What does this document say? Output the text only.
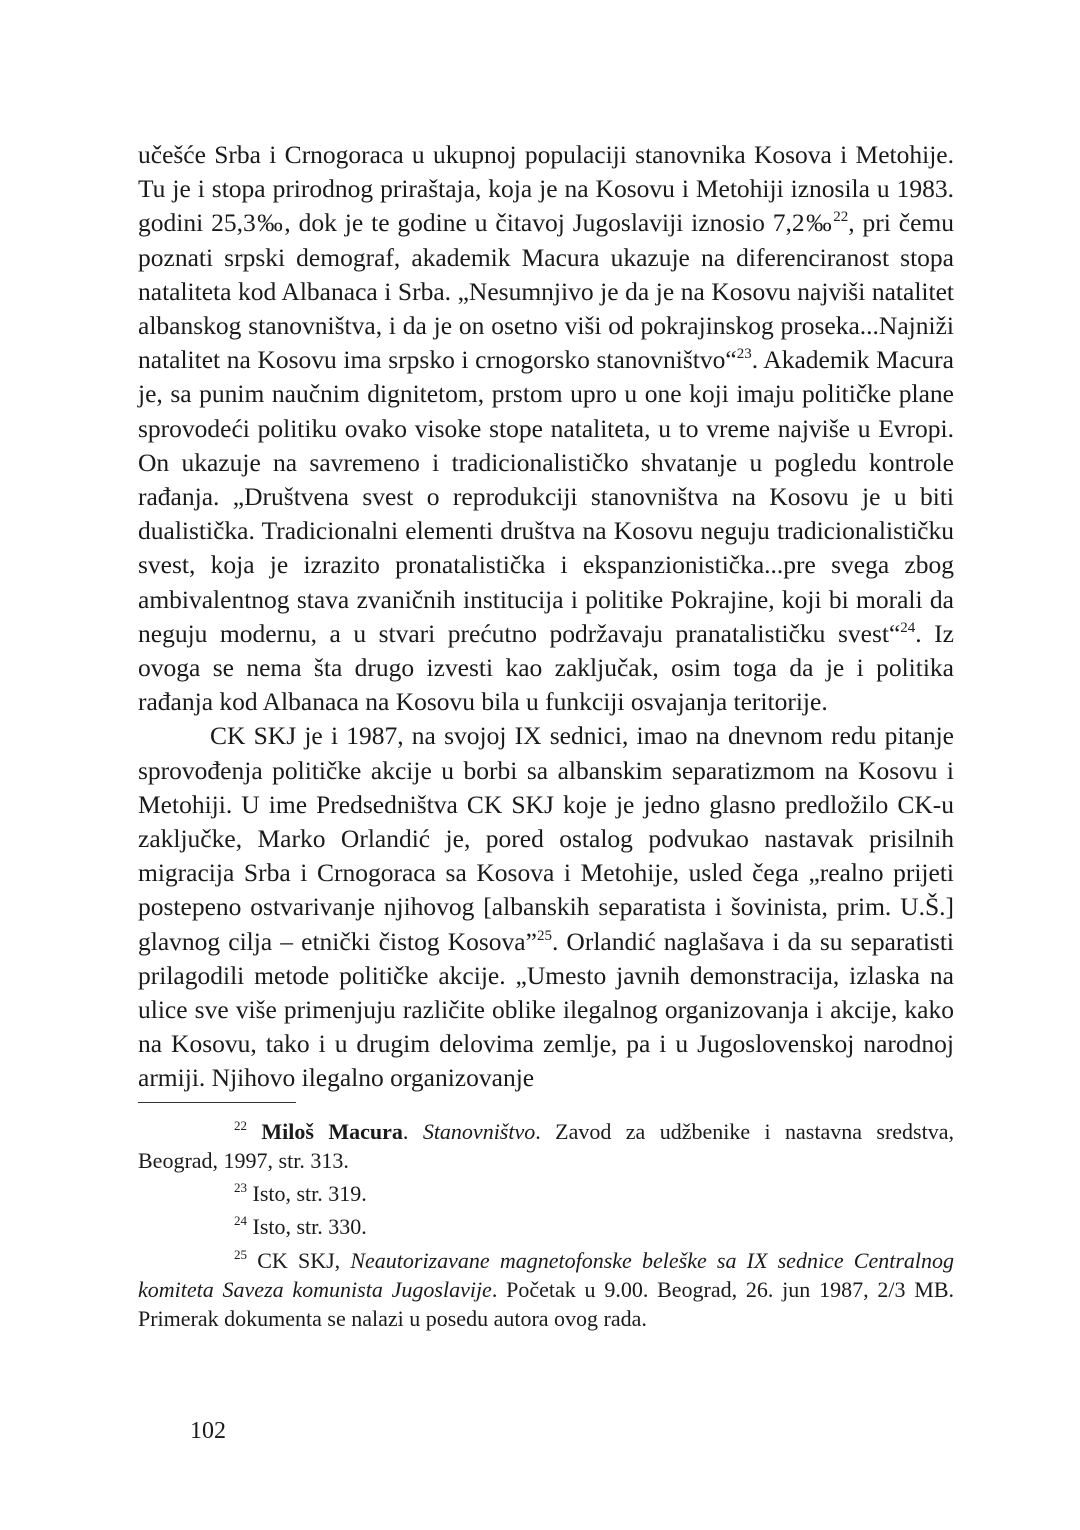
učešće Srba i Crnogoraca u ukupnoj populaciji stanovnika Kosova i Metohije. Tu je i stopa prirodnog priraštaja, koja je na Kosovu i Metohiji iznosila u 1983. godini 25,3‰, dok je te godine u čitavoj Jugoslaviji iznosio 7,2‰$^{22}$, pri čemu poznati srpski demograf, akademik Macura ukazuje na diferenciranost stopa nataliteta kod Albanaca i Srba. „Nesumnjivo je da je na Kosovu najviši natalitet albanskog stanovništva, i da je on osetno viši od pokrajinskog proseka...Najniži natalitet na Kosovu ima srpsko i crnogorsko stanovništvo“$^{23}$. Akademik Macura je, sa punim naučnim dignitetom, prstom upro u one koji imaju političke plane sprovodeći politiku ovako visoke stope nataliteta, u to vreme najviše u Evropi. On ukazuje na savremeno i tradicionalističko shvatanje u pogledu kontrole rađanja. „Društvena svest o reprodukciji stanovništva na Kosovu je u biti dualistička. Tradicionalni elementi društva na Kosovu neguju tradicionalističku svest, koja je izrazito pronatalistička i ekspanzionistička...pre svega zbog ambivalentnog stava zvaničnih institucija i politike Pokrajine, koji bi morali da neguju modernu, a u stvari prećutno podržavaju pranatalističku svest“$^{24}$. Iz ovoga se nema šta drugo izvesti kao zaključak, osim toga da je i politika rađanja kod Albanaca na Kosovu bila u funkciji osvajanja teritorije.

CK SKJ je i 1987, na svojoj IX sednici, imao na dnevnom redu pitanje sprovođenja političke akcije u borbi sa albanskim separatizmom na Kosovu i Metohiji. U ime Predsedništva CK SKJ koje je jedno glasno predložilo CK-u zaključke, Marko Orlandić je, pored ostalog podvukao nastavak prisilnih migracija Srba i Crnogoraca sa Kosova i Metohije, usled čega „realno prijeti postepeno ostvarivanje njihovog [albanskih separatista i šovinista, prim. U.Š.] glavnog cilja – etnički čistog Kosova”$^{25}$. Orlandić naglašava i da su separatisti prilagodili metode političke akcije. „Umesto javnih demonstracija, izlaska na ulice sve više primenjuju različite oblike ilegalnog organizovanja i akcije, kako na Kosovu, tako i u drugim delovima zemlje, pa i u Jugoslovenskoj narodnoj armiji. Njihovo ilegalno organizovanje

$^{22}$ Miloš Macura. Stanovništvo. Zavod za udžbenike i nastavna sredstva, Beograd, 1997, str. 313.

$^{23}$ Isto, str. 319.

$^{24}$ Isto, str. 330.

$^{25}$ CK SKJ, Neautorizavane magnetofonske beleške sa IX sednice Centralnog komiteta Saveza komunista Jugoslavije. Početak u 9.00. Beograd, 26. jun 1987, 2/3 MB. Primerak dokumenta se nalazi u posedu autora ovog rada.

102
